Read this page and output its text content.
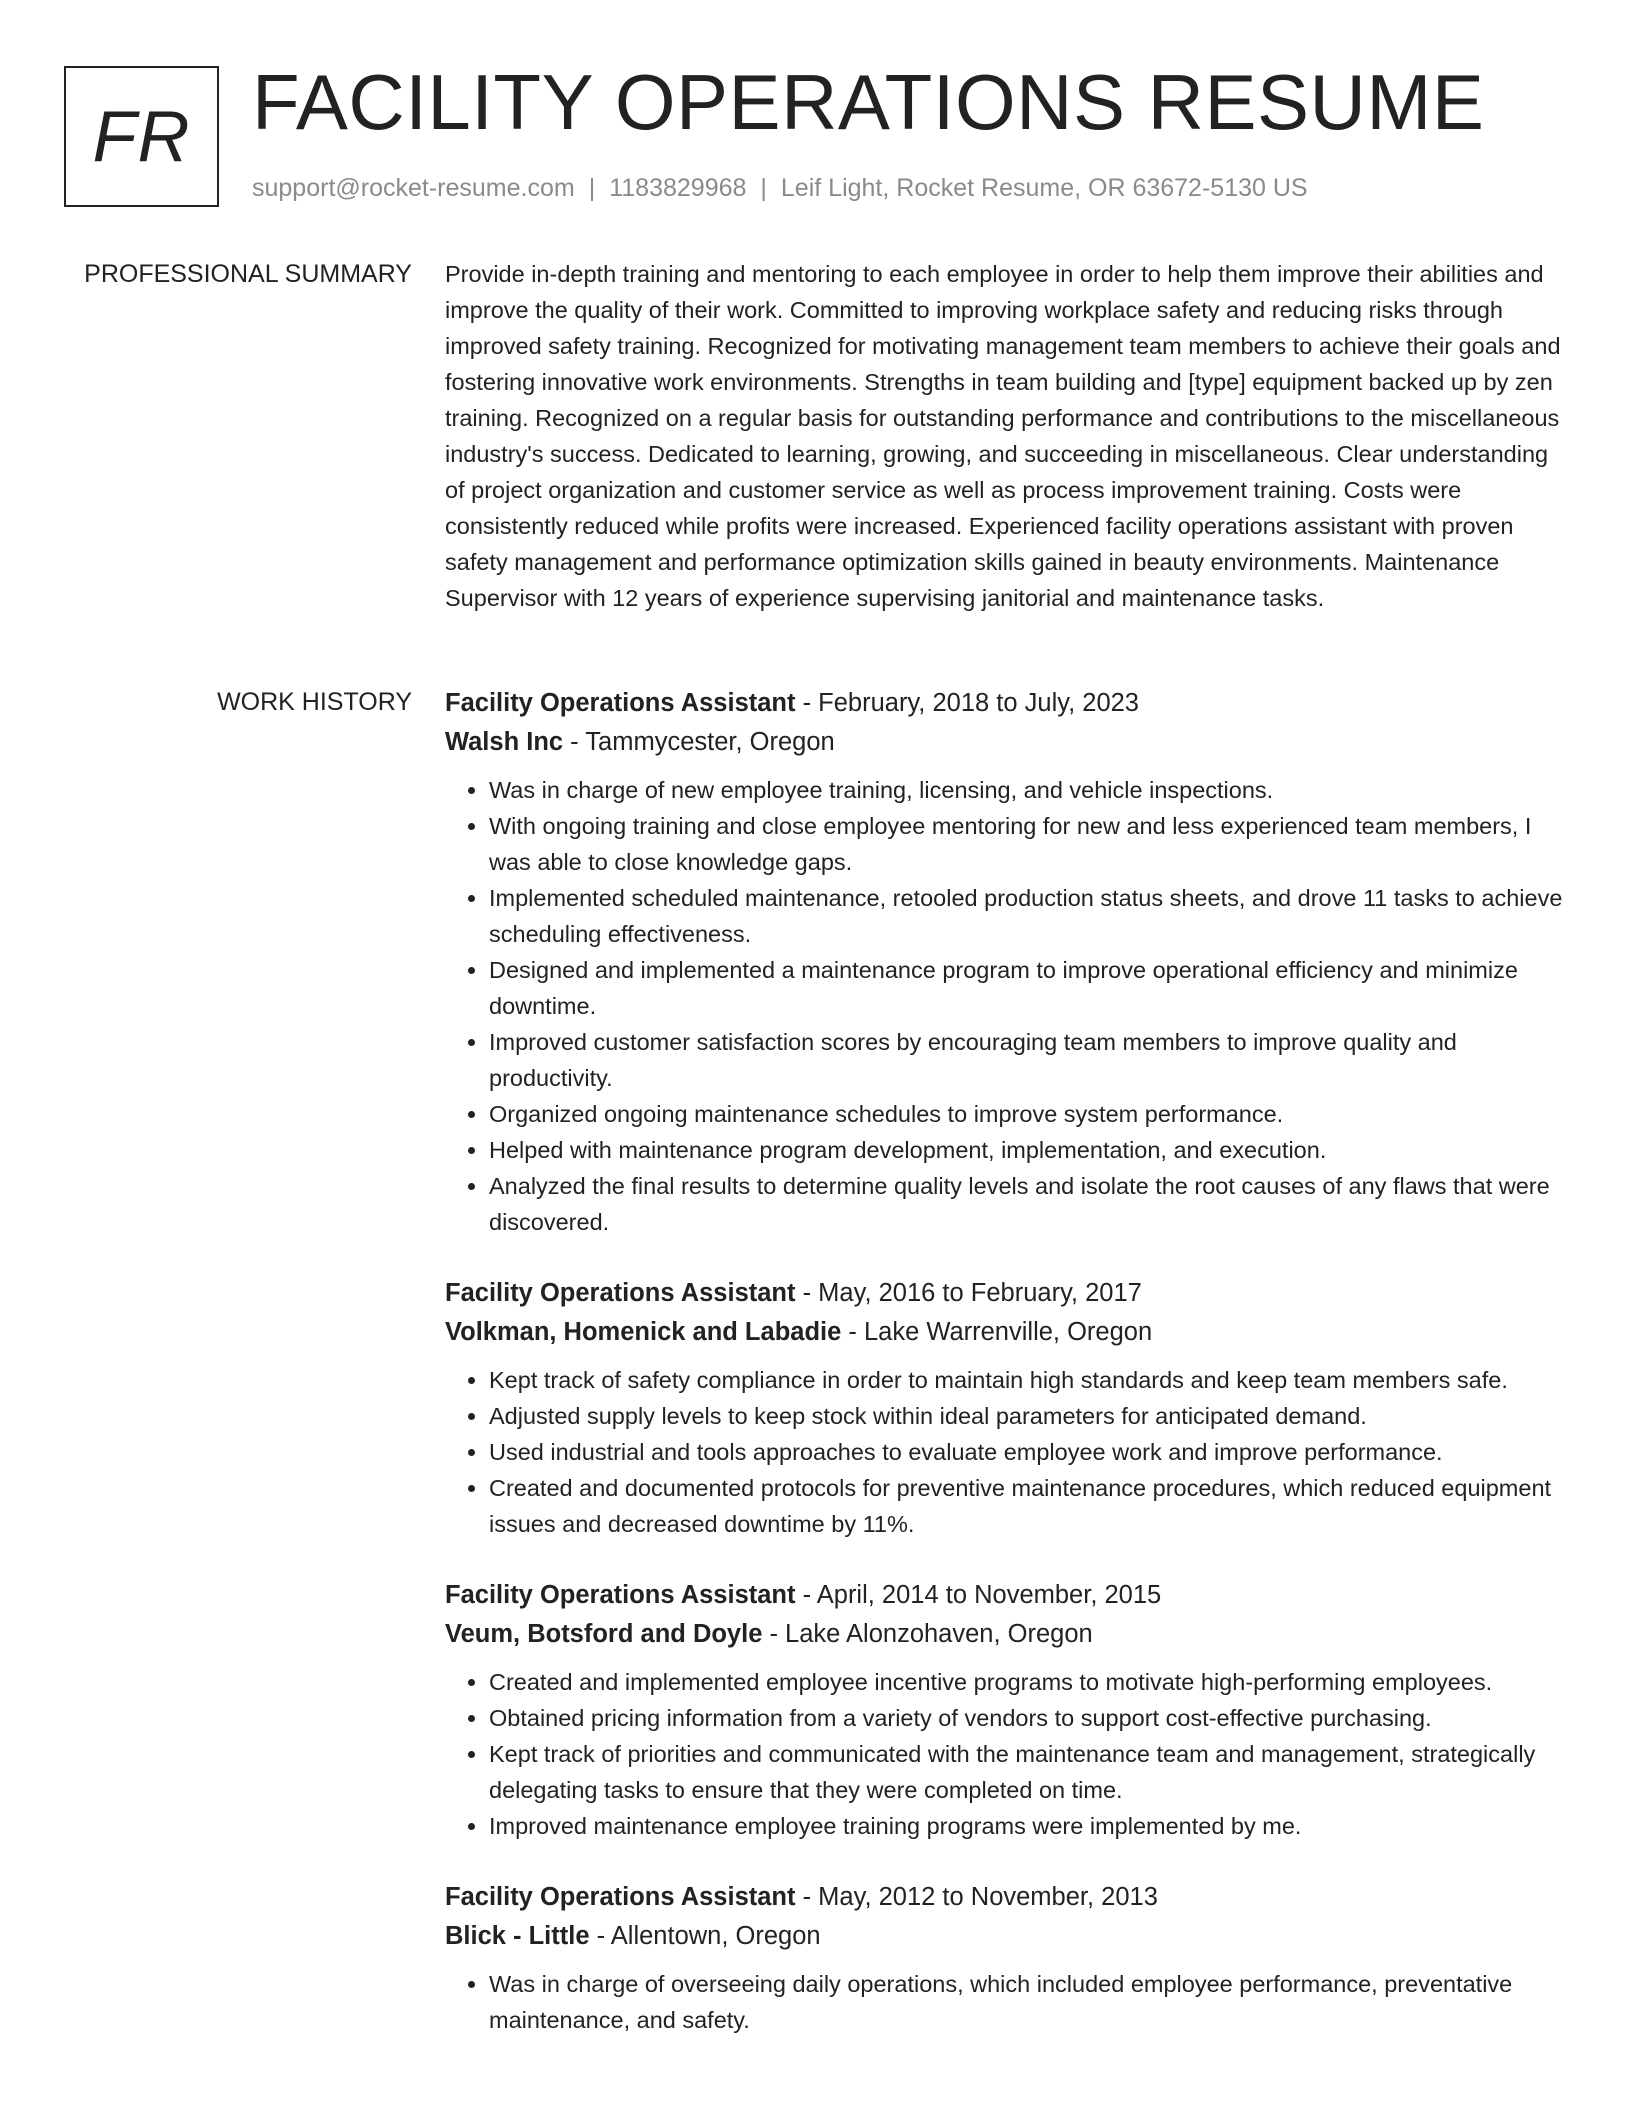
FR FACILITY OPERATIONS RESUME
support@rocket-resume.com | 1183829968 | Leif Light, Rocket Resume, OR 63672-5130 US
PROFESSIONAL SUMMARY Provide in-depth training and mentoring to each employee in order to help them improve their abilities and improve the quality of their work. Committed to improving workplace safety and reducing risks through improved safety training. Recognized for motivating management team members to achieve their goals and fostering innovative work environments. Strengths in team building and [type] equipment backed up by zen training. Recognized on a regular basis for outstanding performance and contributions to the miscellaneous industry's success. Dedicated to learning, growing, and succeeding in miscellaneous. Clear understanding of project organization and customer service as well as process improvement training. Costs were consistently reduced while profits were increased. Experienced facility operations assistant with proven safety management and performance optimization skills gained in beauty environments. Maintenance Supervisor with 12 years of experience supervising janitorial and maintenance tasks.

WORK HISTORY Facility Operations Assistant - February, 2018 to July, 2023
Walsh Inc - Tammycester, Oregon
• Was in charge of new employee training, licensing, and vehicle inspections.
• With ongoing training and close employee mentoring for new and less experienced team members, I was able to close knowledge gaps.
• Implemented scheduled maintenance, retooled production status sheets, and drove 11 tasks to achieve scheduling effectiveness.
• Designed and implemented a maintenance program to improve operational efficiency and minimize downtime.
• Improved customer satisfaction scores by encouraging team members to improve quality and productivity.
• Organized ongoing maintenance schedules to improve system performance.
• Helped with maintenance program development, implementation, and execution.
• Analyzed the final results to determine quality levels and isolate the root causes of any flaws that were discovered.
Facility Operations Assistant - May, 2016 to February, 2017
Volkman, Homenick and Labadie - Lake Warrenville, Oregon
• Kept track of safety compliance in order to maintain high standards and keep team members safe.
• Adjusted supply levels to keep stock within ideal parameters for anticipated demand.
• Used industrial and tools approaches to evaluate employee work and improve performance.
• Created and documented protocols for preventive maintenance procedures, which reduced equipment issues and decreased downtime by 11%.
Facility Operations Assistant - April, 2014 to November, 2015
Veum, Botsford and Doyle - Lake Alonzohaven, Oregon
• Created and implemented employee incentive programs to motivate high-performing employees.
• Obtained pricing information from a variety of vendors to support cost-effective purchasing.
• Kept track of priorities and communicated with the maintenance team and management, strategically delegating tasks to ensure that they were completed on time.
• Improved maintenance employee training programs were implemented by me.
Facility Operations Assistant - May, 2012 to November, 2013
Blick - Little - Allentown, Oregon
• Was in charge of overseeing daily operations, which included employee performance, preventative maintenance, and safety.
